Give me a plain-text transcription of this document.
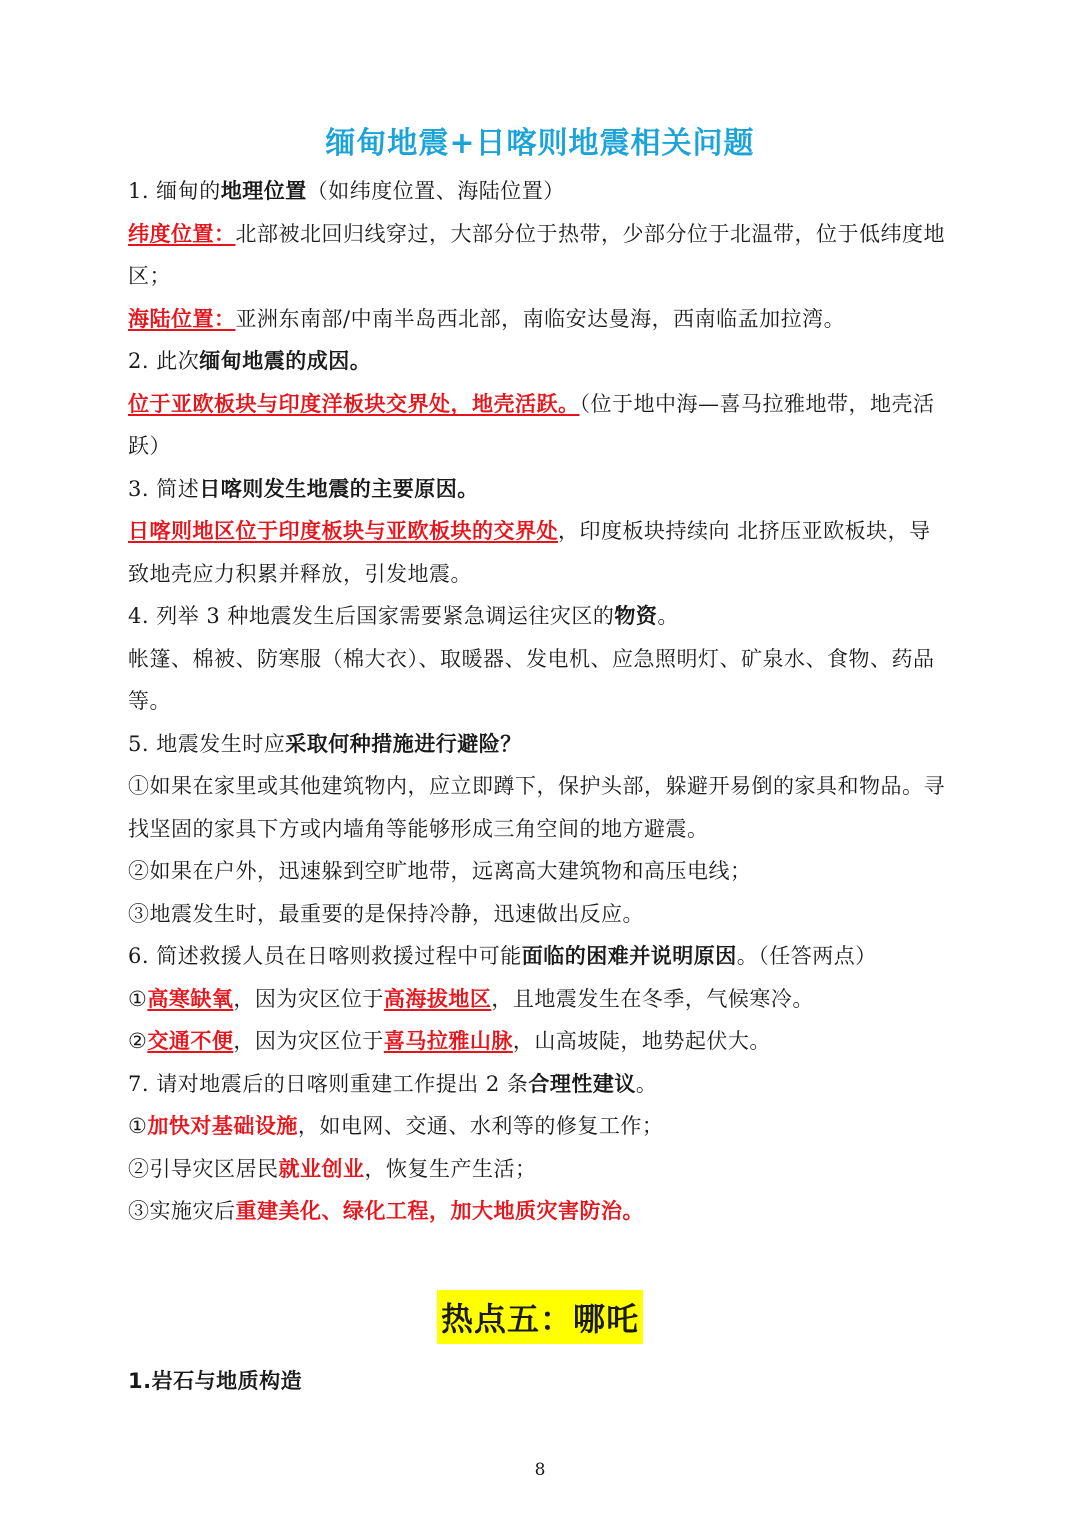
缅甸地震+日喀则地震相关问题
1. 缅甸的地理位置（如纬度位置、海陆位置）
纬度位置：北部被北回归线穿过，大部分位于热带，少部分位于北温带，位于低纬度地
区；
海陆位置：亚洲东南部/中南半岛西北部，南临安达曼海，西南临孟加拉湾。
2. 此次缅甸地震的成因。
位于亚欧板块与印度洋板块交界处，地壳活跃。（位于地中海—喜马拉雅地带，地壳活
跃）
3. 简述日喀则发生地震的主要原因。
日喀则地区位于印度板块与亚欧板块的交界处，印度板块持续向 北挤压亚欧板块，导
致地壳应力积累并释放，引发地震。
4. 列举 3 种地震发生后国家需要紧急调运往灾区的物资。
帐篷、棉被、防寒服（棉大衣）、取暖器、发电机、应急照明灯、矿泉水、食物、药品
等。
5. 地震发生时应采取何种措施进行避险？
①如果在家里或其他建筑物内，应立即蹲下，保护头部，躲避开易倒的家具和物品。寻
找坚固的家具下方或内墙角等能够形成三角空间的地方避震。
②如果在户外，迅速躲到空旷地带，远离高大建筑物和高压电线；
③地震发生时，最重要的是保持冷静，迅速做出反应。
6. 简述救援人员在日喀则救援过程中可能面临的困难并说明原因。（任答两点）
①高寒缺氧，因为灾区位于高海拔地区，且地震发生在冬季，气候寒冷。
②交通不便，因为灾区位于喜马拉雅山脉，山高坡陡，地势起伏大。
7. 请对地震后的日喀则重建工作提出 2 条合理性建议。
①加快对基础设施，如电网、交通、水利等的修复工作；
②引导灾区居民就业创业，恢复生产生活；
③实施灾后重建美化、绿化工程，加大地质灾害防治。
热点五：哪吒
1.岩石与地质构造
8
